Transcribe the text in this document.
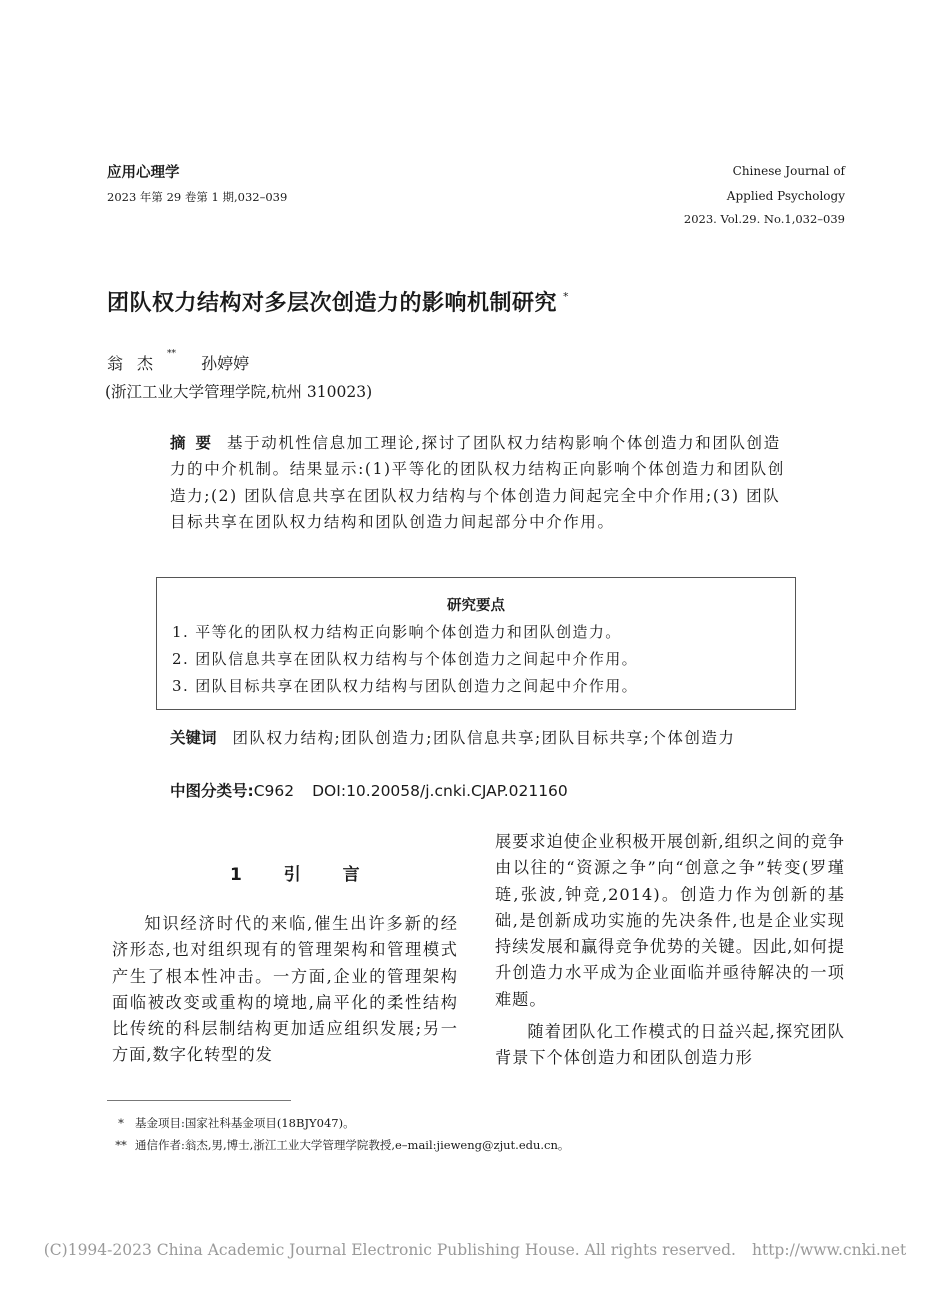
应用心理学
2023 年第 29 卷第 1 期,032–039
Chinese Journal of
Applied Psychology
2023. Vol.29. No.1,032–039
团队权力结构对多层次创造力的影响机制研究 *
翁杰** 孙婷婷
(浙江工业大学管理学院,杭州 310023)
摘要 基于动机性信息加工理论,探讨了团队权力结构影响个体创造力和团队创造力的中介机制。结果显示:(1)平等化的团队权力结构正向影响个体创造力和团队创造力;(2) 团队信息共享在团队权力结构与个体创造力间起完全中介作用;(3) 团队目标共享在团队权力结构和团队创造力间起部分中介作用。
研究要点
1. 平等化的团队权力结构正向影响个体创造力和团队创造力。
2. 团队信息共享在团队权力结构与个体创造力之间起中介作用。
3. 团队目标共享在团队权力结构与团队创造力之间起中介作用。
关键词 团队权力结构;团队创造力;团队信息共享;团队目标共享;个体创造力
中图分类号:C962 DOI:10.20058/j.cnki.CJAP.021160
1 引 言

知识经济时代的来临,催生出许多新的经济形态,也对组织现有的管理架构和管理模式产生了根本性冲击。一方面,企业的管理架构面临被改变或重构的境地,扁平化的柔性结构比传统的科层制结构更加适应组织发展;另一方面,数字化转型的发

展要求迫使企业积极开展创新,组织之间的竞争由以往的“资源之争”向“创意之争”转变(罗瑾琏,张波,钟竞,2014)。创造力作为创新的基础,是创新成功实施的先决条件,也是企业实现持续发展和赢得竞争优势的关键。因此,如何提升创造力水平成为企业面临并亟待解决的一项难题。

随着团队化工作模式的日益兴起,探究团队背景下个体创造力和团队创造力形

* 基金项目:国家社科基金项目(18BJY047)。
** 通信作者:翁杰,男,博士,浙江工业大学管理学院教授,e–mail:jieweng@zjut.edu.cn。
(C)1994-2023 China Academic Journal Electronic Publishing House. All rights reserved. http://www.cnki.net
